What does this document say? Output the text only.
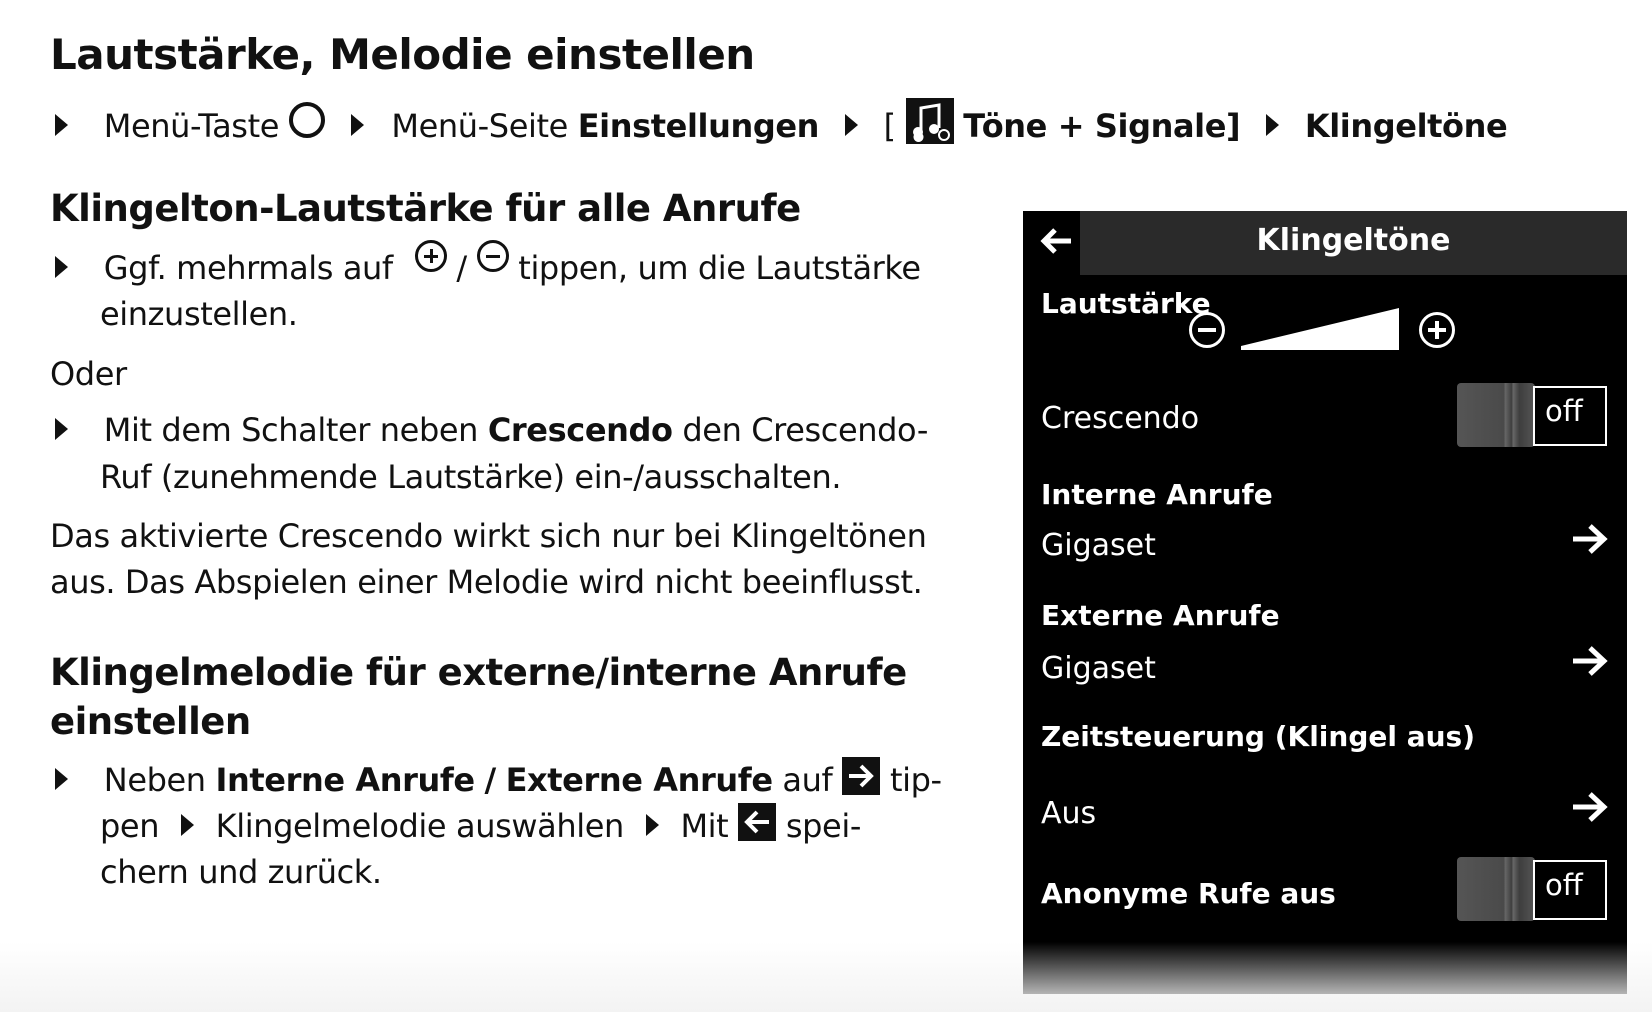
Lautstärke, Melodie einstellen
Menü-Taste	Menü-Seite Einstellungen [ Töne + Signale] Klingeltöne
Klingelton-Lautstärke für alle Anrufe
Ggf. mehrmals auf / tippen, um die Lautstärke
einzustellen.
Oder
Mit dem Schalter neben Crescendo den Crescendo-
Ruf (zunehmende Lautstärke) ein-/ausschalten.
Das aktivierte Crescendo wirkt sich nur bei Klingeltönen
aus. Das Abspielen einer Melodie wird nicht beeinflusst.
Klingelmelodie für externe/interne Anrufe
einstellen
Neben Interne Anrufe / Externe Anrufe auf tip-
pen Klingelmelodie auswählen Mit spei-
chern und zurück.
Klingeltöne
Lautstärke
Crescendo	off
Interne Anrufe
Gigaset
Externe Anrufe
Gigaset
Zeitsteuerung (Klingel aus)
Aus
Anonyme Rufe aus	off
